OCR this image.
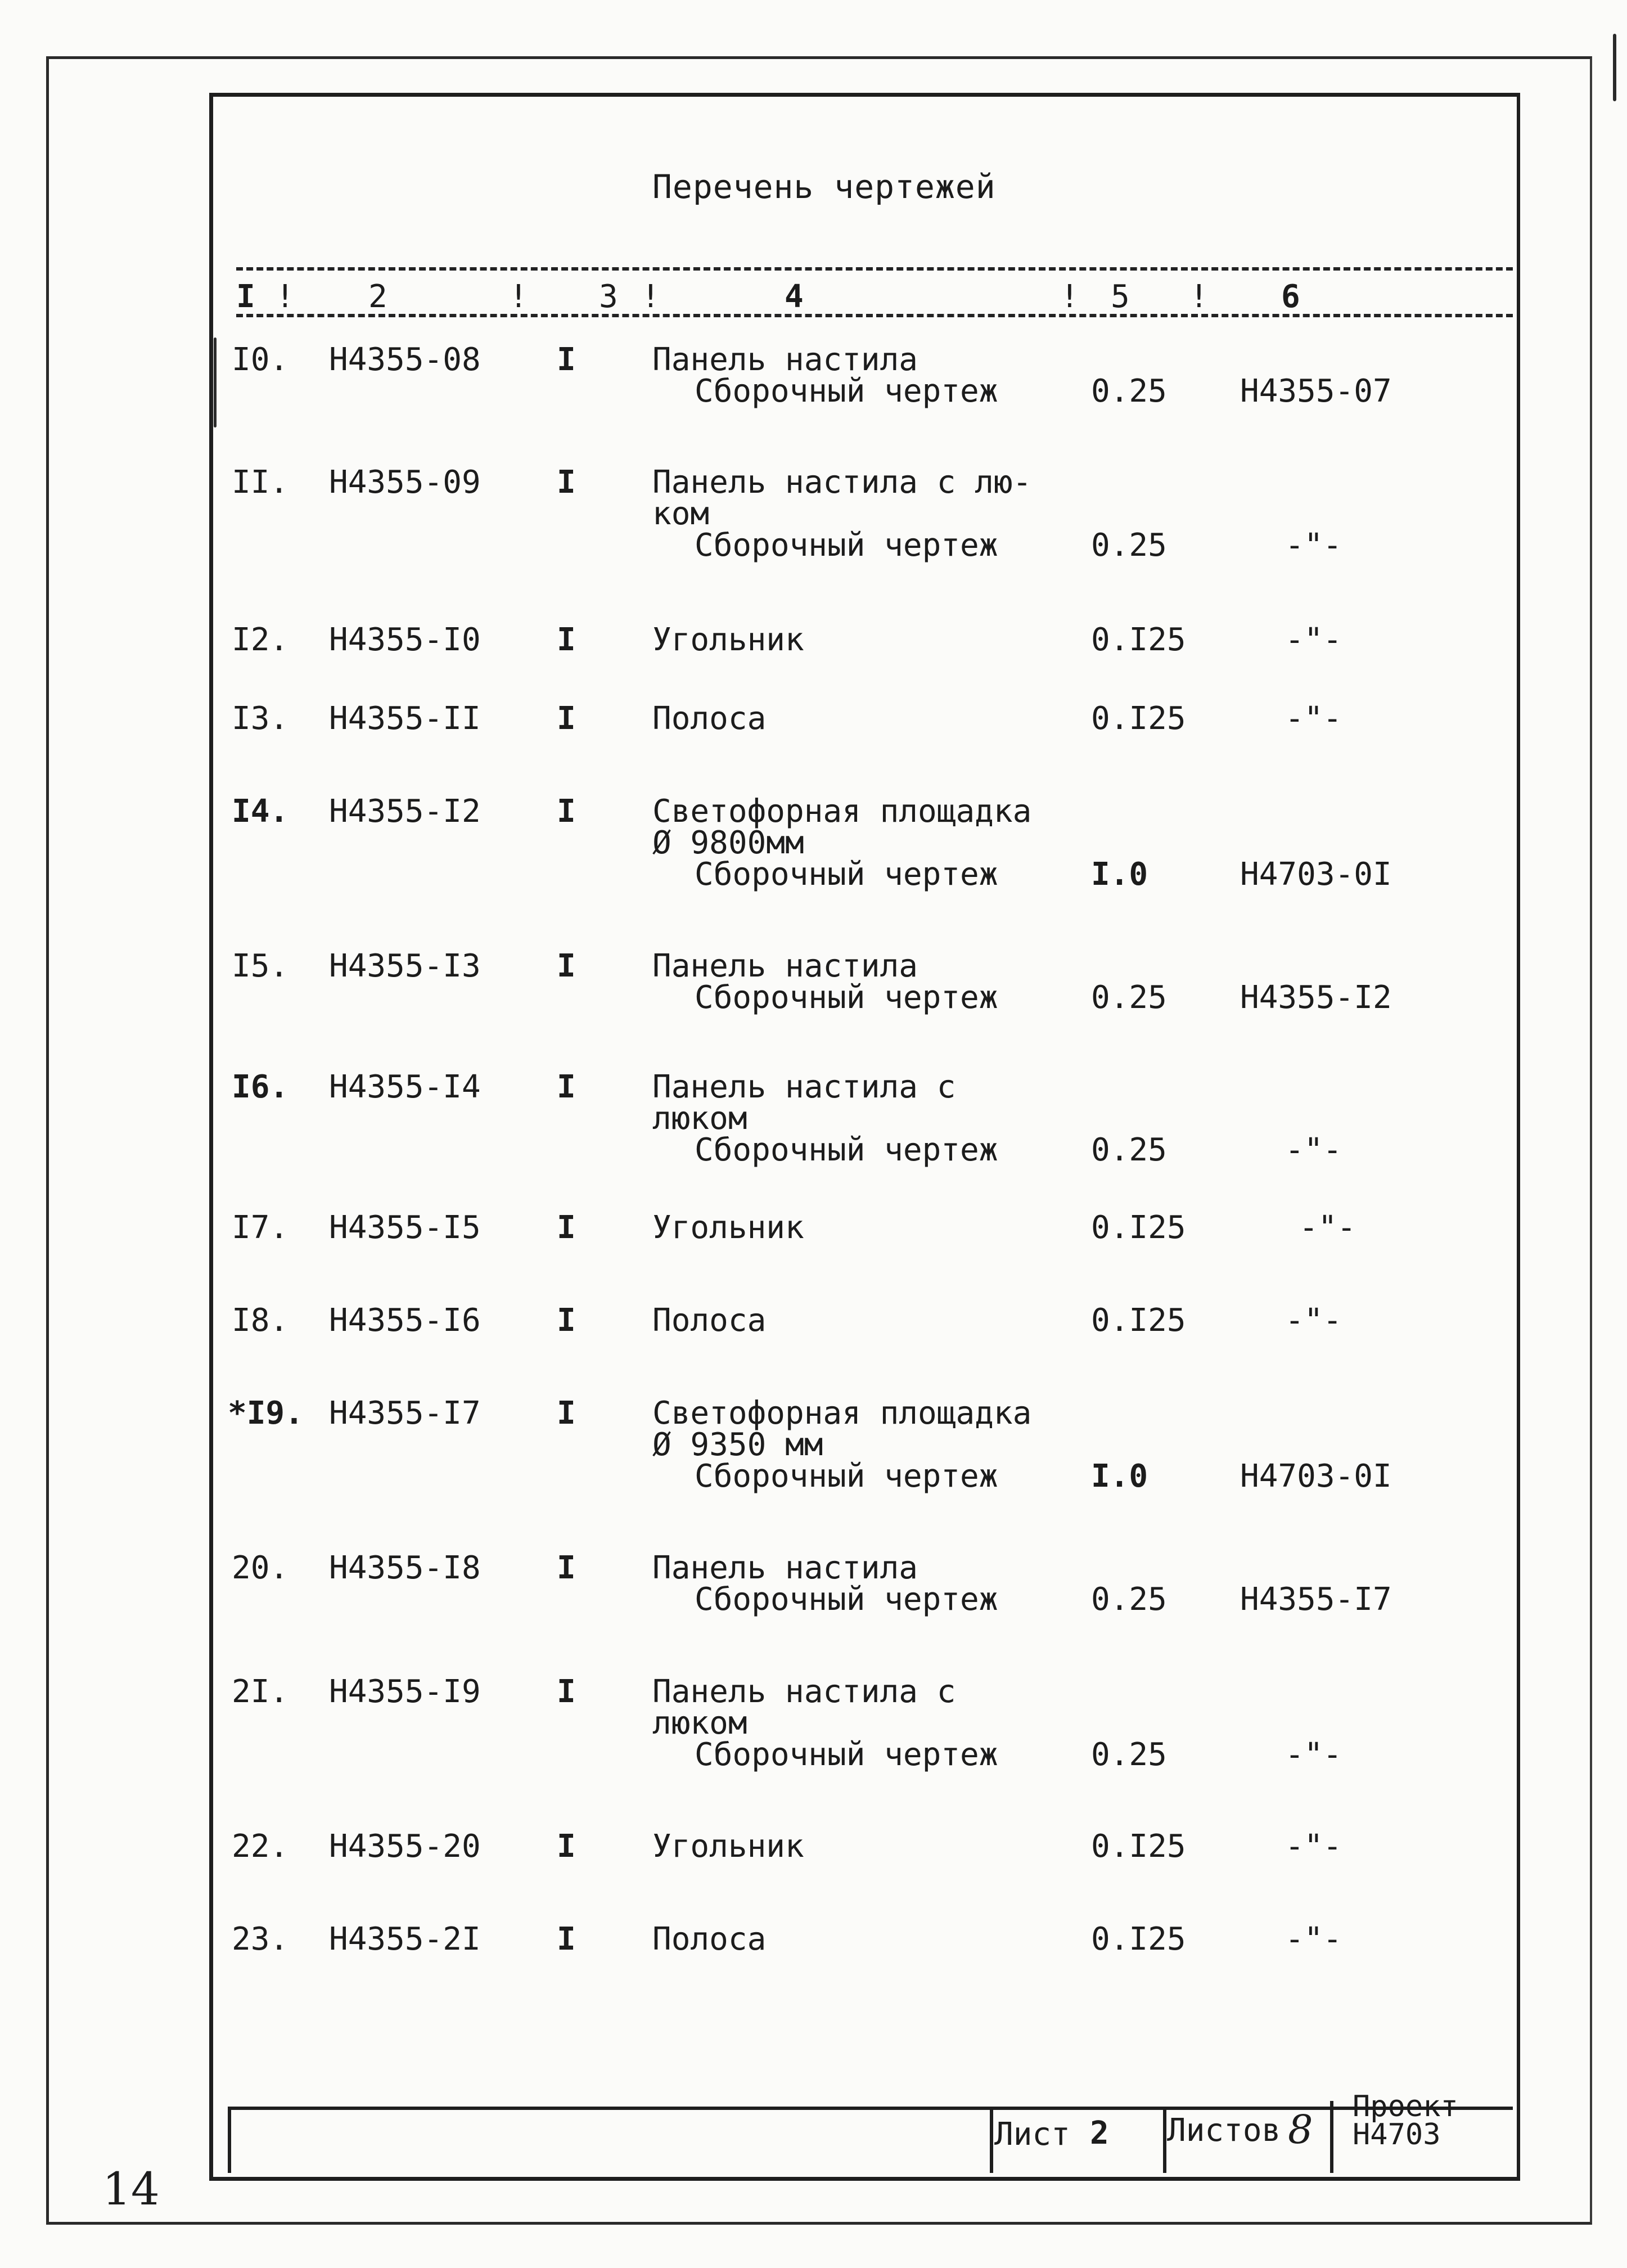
Перечень чертежей
I ! 2	! 3 !	4	! 5 ! 6
I0. H4355-08 I Панель настила
Сборочный чертеж	0.25 H4355-07
II. H4355-09 I Панель настила с лю-
ком
Сборочный чертеж	0.25	-"-
I2. H4355-I0 I Угольник	0.I25	-"-
I3. H4355-II I Полоса	0.I25	-"-
I4. H4355-I2 I Светофорная площадка
Ø 9800мм
Сборочный чертеж	I.0	H4703-0I
I5. H4355-I3 I Панель настила
Сборочный чертеж	0.25 H4355-I2
I6. H4355-I4 I Панель настила с
люком
Сборочный чертеж	0.25	-"-
I7. H4355-I5 I Угольник	0.I25	-"-
I8. H4355-I6 I Полоса	0.I25	-"-
*I9. H4355-I7 I Светофорная площадка
Ø 9350 мм
Сборочный чертеж	I.0	H4703-0I
20. H4355-I8 I Панель настила
Сборочный чертеж	0.25 H4355-I7
2I. H4355-I9 I Панель настила с
люком
Сборочный чертеж	0.25	-"-
22. H4355-20 I Угольник	0.I25	-"-
23. H4355-2I I Полоса	0.I25	-"-
Лист 2 Листов 8 Проект
Н4703
14
